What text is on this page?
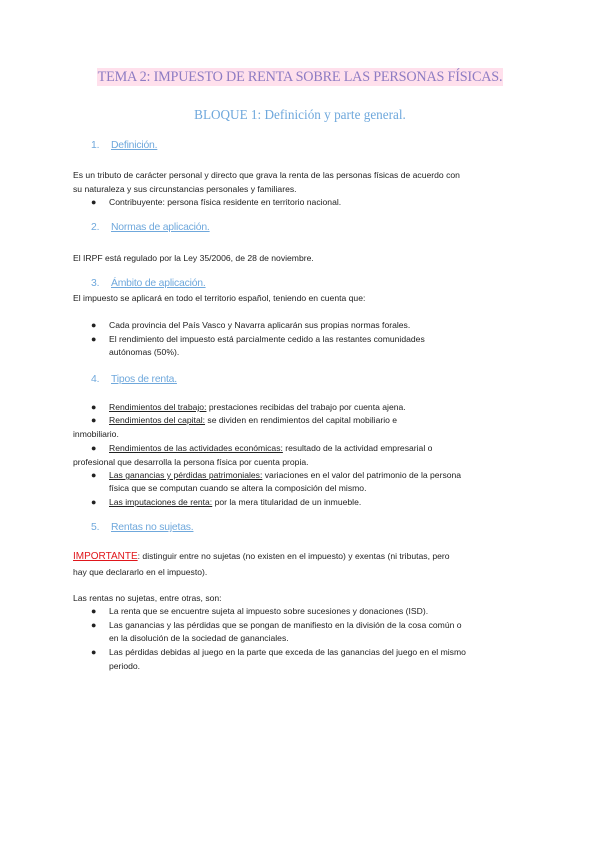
TEMA 2: IMPUESTO DE RENTA SOBRE LAS PERSONAS FÍSICAS.
BLOQUE 1: Definición y parte general.
1. Definición.
Es un tributo de carácter personal y directo que grava la renta de las personas físicas de acuerdo con
su naturaleza y sus circunstancias personales y familiares.
● Contribuyente: persona física residente en territorio nacional.
2. Normas de aplicación.
El IRPF está regulado por la Ley 35/2006, de 28 de noviembre.
3. Ámbito de aplicación.
El impuesto se aplicará en todo el territorio español, teniendo en cuenta que:
● Cada provincia del País Vasco y Navarra aplicarán sus propias normas forales.
● El rendimiento del impuesto está parcialmente cedido a las restantes comunidades
autónomas (50%).
4. Tipos de renta.
● Rendimientos del trabajo: prestaciones recibidas del trabajo por cuenta ajena.
● Rendimientos del capital: se dividen en rendimientos del capital mobiliario e
inmobiliario.
● Rendimientos de las actividades económicas: resultado de la actividad empresarial o
profesional que desarrolla la persona física por cuenta propia.
● Las ganancias y pérdidas patrimoniales: variaciones en el valor del patrimonio de la persona
física que se computan cuando se altera la composición del mismo.
● Las imputaciones de renta: por la mera titularidad de un inmueble.
5. Rentas no sujetas.
IMPORTANTE: distinguir entre no sujetas (no existen en el impuesto) y exentas (ni tributas, pero
hay que declararlo en el impuesto).
Las rentas no sujetas, entre otras, son:
● La renta que se encuentre sujeta al impuesto sobre sucesiones y donaciones (ISD).
● Las ganancias y las pérdidas que se pongan de manifiesto en la división de la cosa común o
en la disolución de la sociedad de gananciales.
● Las pérdidas debidas al juego en la parte que exceda de las ganancias del juego en el mismo
periodo.
